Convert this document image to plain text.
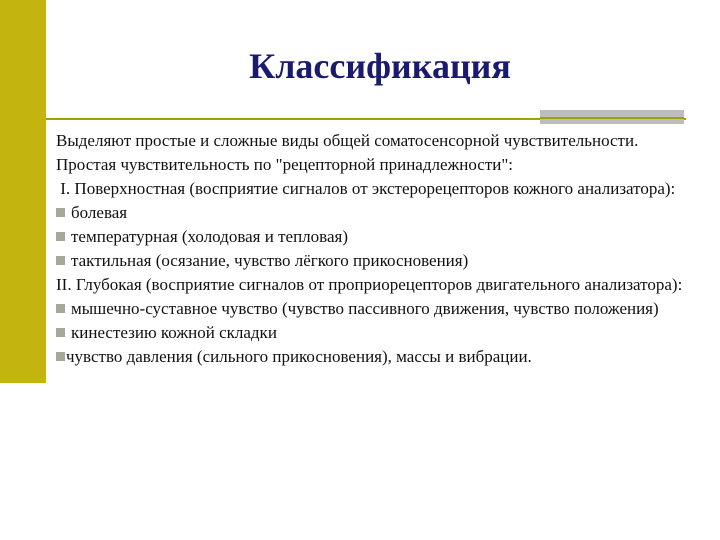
Классификация

Выделяют простые и сложные виды общей соматосенсорной чувствительности.

Простая чувствительность по "рецепторной принадлежности":

I. Поверхностная (восприятие сигналов от экстерорецепторов кожного анализатора):

болевая

температурная (холодовая и тепловая)

тактильная (осязание, чувство лёгкого прикосновения)

II. Глубокая (восприятие сигналов от проприорецепторов двигательного анализатора):

мышечно-суставное чувство (чувство пассивного движения, чувство положения)

кинестезию кожной складки

чувство давления (сильного прикосновения), массы и вибрации.
